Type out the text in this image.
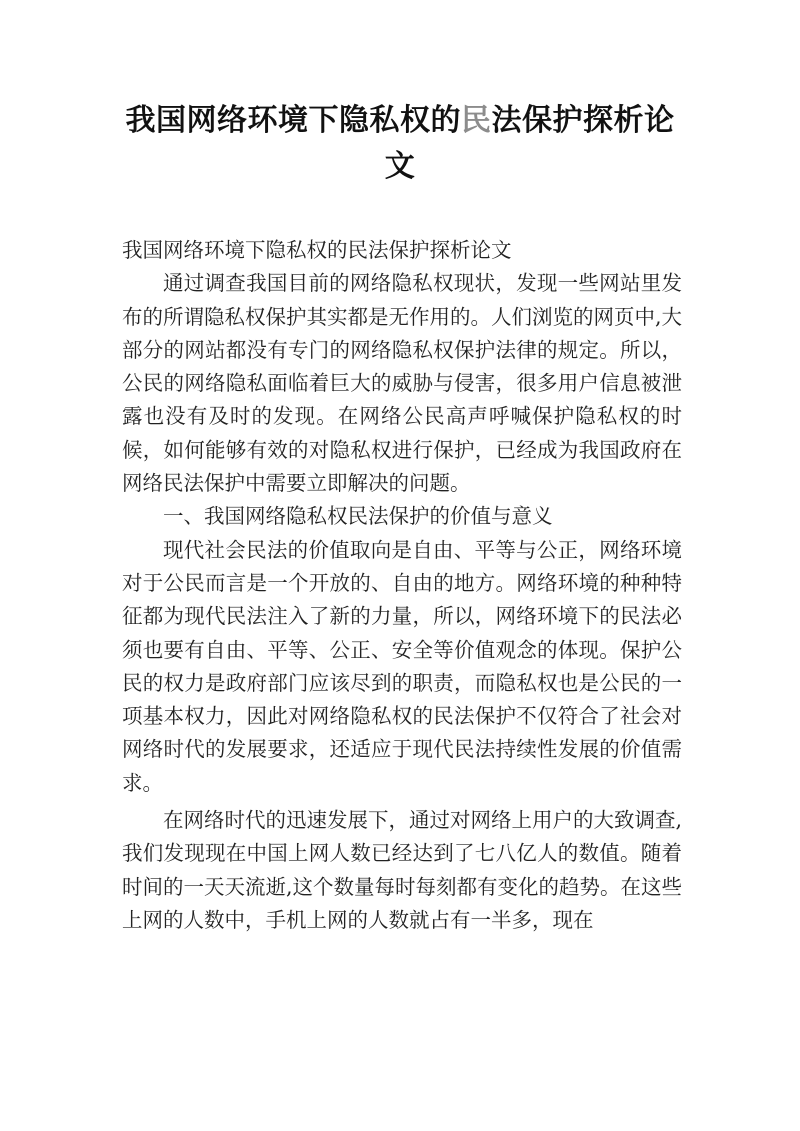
我国网络环境下隐私权的民法保护探析论文

我国网络环境下隐私权的民法保护探析论文

通过调查我国目前的网络隐私权现状，发现一些网站里发布的所谓隐私权保护其实都是无作用的。人们浏览的网页中,大部分的网站都没有专门的网络隐私权保护法律的规定。所以，公民的网络隐私面临着巨大的威胁与侵害，很多用户信息被泄露也没有及时的发现。在网络公民高声呼喊保护隐私权的时候，如何能够有效的对隐私权进行保护，已经成为我国政府在网络民法保护中需要立即解决的问题。

一、我国网络隐私权民法保护的价值与意义

现代社会民法的价值取向是自由、平等与公正，网络环境对于公民而言是一个开放的、自由的地方。网络环境的种种特征都为现代民法注入了新的力量，所以，网络环境下的民法必须也要有自由、平等、公正、安全等价值观念的体现。保护公民的权力是政府部门应该尽到的职责，而隐私权也是公民的一项基本权力，因此对网络隐私权的民法保护不仅符合了社会对网络时代的发展要求，还适应于现代民法持续性发展的价值需求。

在网络时代的迅速发展下，通过对网络上用户的大致调查,我们发现现在中国上网人数已经达到了七八亿人的数值。随着时间的一天天流逝,这个数量每时每刻都有变化的趋势。在这些上网的人数中，手机上网的人数就占有一半多，现在
